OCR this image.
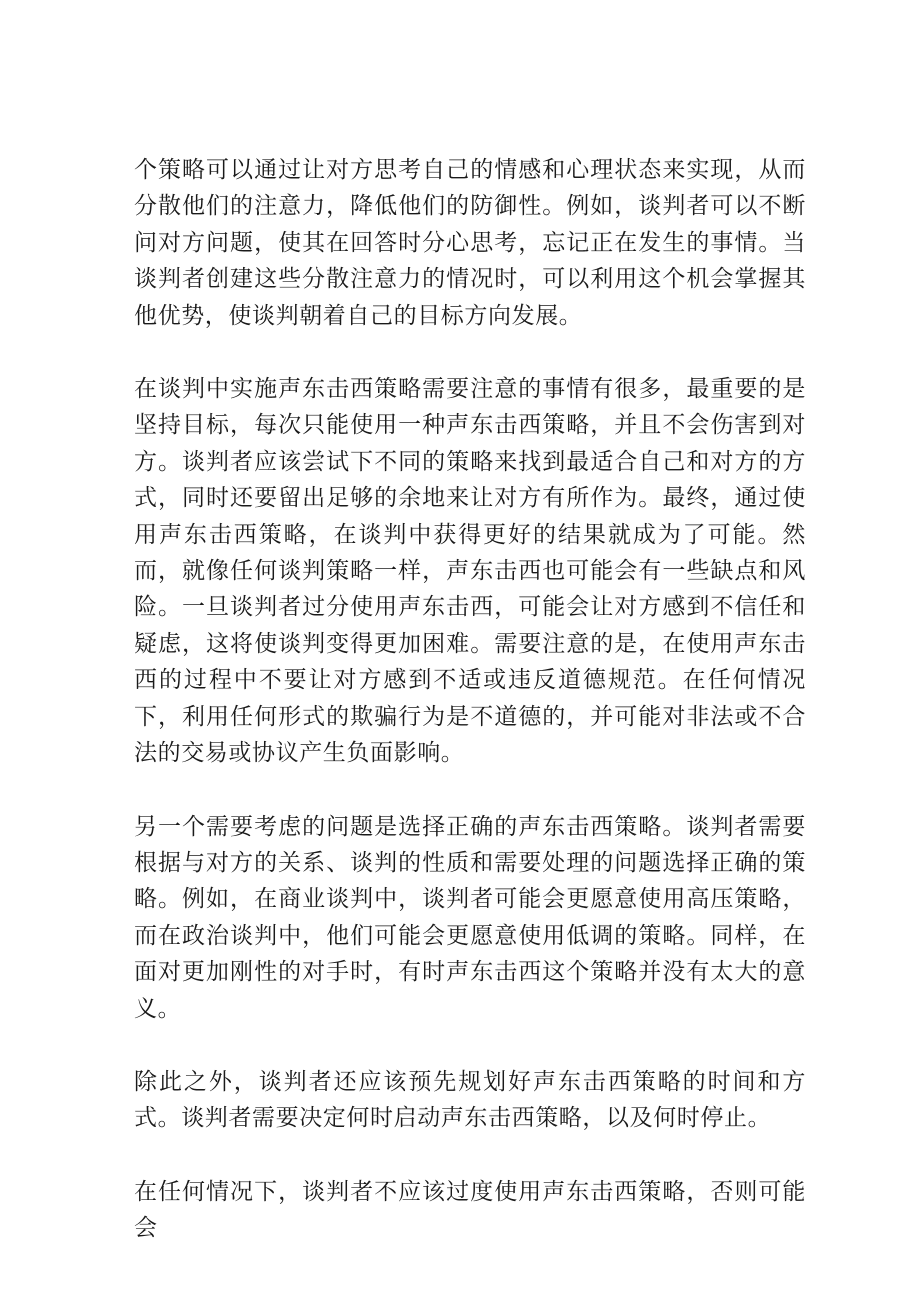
个策略可以通过让对方思考自己的情感和心理状态来实现，从而分散他们的注意力，降低他们的防御性。例如，谈判者可以不断问对方问题，使其在回答时分心思考，忘记正在发生的事情。当谈判者创建这些分散注意力的情况时，可以利用这个机会掌握其他优势，使谈判朝着自己的目标方向发展。

在谈判中实施声东击西策略需要注意的事情有很多，最重要的是坚持目标，每次只能使用一种声东击西策略，并且不会伤害到对方。谈判者应该尝试下不同的策略来找到最适合自己和对方的方式，同时还要留出足够的余地来让对方有所作为。最终，通过使用声东击西策略，在谈判中获得更好的结果就成为了可能。然而，就像任何谈判策略一样，声东击西也可能会有一些缺点和风险。一旦谈判者过分使用声东击西，可能会让对方感到不信任和疑虑，这将使谈判变得更加困难。需要注意的是，在使用声东击西的过程中不要让对方感到不适或违反道德规范。在任何情况下，利用任何形式的欺骗行为是不道德的，并可能对非法或不合法的交易或协议产生负面影响。

另一个需要考虑的问题是选择正确的声东击西策略。谈判者需要根据与对方的关系、谈判的性质和需要处理的问题选择正确的策略。例如，在商业谈判中，谈判者可能会更愿意使用高压策略，而在政治谈判中，他们可能会更愿意使用低调的策略。同样，在面对更加刚性的对手时，有时声东击西这个策略并没有太大的意义。

除此之外，谈判者还应该预先规划好声东击西策略的时间和方式。谈判者需要决定何时启动声东击西策略，以及何时停止。

在任何情况下，谈判者不应该过度使用声东击西策略，否则可能会
